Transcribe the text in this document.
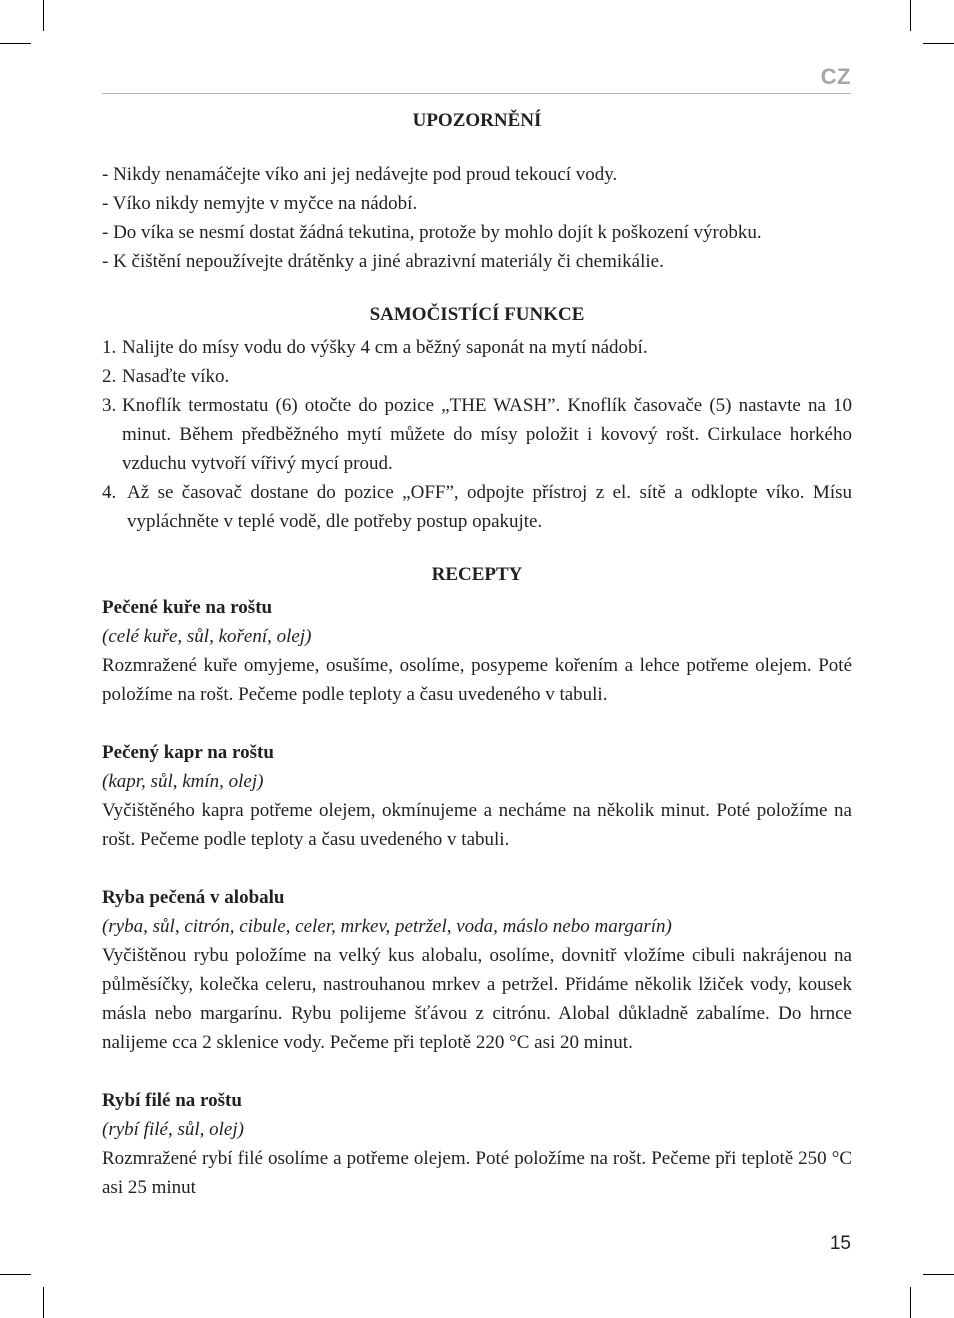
CZ

UPOZORNĚNÍ

- Nikdy nenamáčejte víko ani jej nedávejte pod proud tekoucí vody.

- Víko nikdy nemyjte v myčce na nádobí.

- Do víka se nesmí dostat žádná tekutina, protože by mohlo dojít k poškození výrobku.

- K čištění nepoužívejte drátěnky a jiné abrazivní materiály či chemikálie.

SAMOČISTÍCÍ FUNKCE

1. Nalijte do mísy vodu do výšky 4 cm a běžný saponát na mytí nádobí.
2. Nasaďte víko.
3. Knoflík termostatu (6) otočte do pozice „THE WASH”. Knoflík časovače (5) nastavte na 10 minut. Během předběžného mytí můžete do mísy položit i kovový rošt. Cirkulace horkého vzduchu vytvoří vířivý mycí proud.
4. Až se časovač dostane do pozice „OFF”, odpojte přístroj z el. sítě a odklopte víko. Mísu vypláchněte v teplé vodě, dle potřeby postup opakujte.

RECEPTY

Pečené kuře na roštu

(celé kuře, sůl, koření, olej)

Rozmražené kuře omyjeme, osušíme, osolíme, posypeme kořením a lehce potřeme olejem. Poté položíme na rošt. Pečeme podle teploty a času uvedeného v tabuli.

Pečený kapr na roštu

(kapr, sůl, kmín, olej)

Vyčištěného kapra potřeme olejem, okmínujeme a necháme na několik minut. Poté položíme na rošt. Pečeme podle teploty a času uvedeného v tabuli.

Ryba pečená v alobalu

(ryba, sůl, citrón, cibule, celer, mrkev, petržel, voda, máslo nebo margarín)

Vyčištěnou rybu položíme na velký kus alobalu, osolíme, dovnitř vložíme cibuli nakrájenou na půlměsíčky, kolečka celeru, nastrouhanou mrkev a petržel. Přidáme několik lžiček vody, kousek másla nebo margarínu. Rybu polijeme šťávou z citrónu. Alobal důkladně zabalíme. Do hrnce nalijeme cca 2 sklenice vody. Pečeme při teplotě 220 °C asi 20 minut.

Rybí filé na roštu

(rybí filé, sůl, olej)

Rozmražené rybí filé osolíme a potřeme olejem. Poté položíme na rošt. Pečeme při teplotě 250 °C asi 25 minut

15
